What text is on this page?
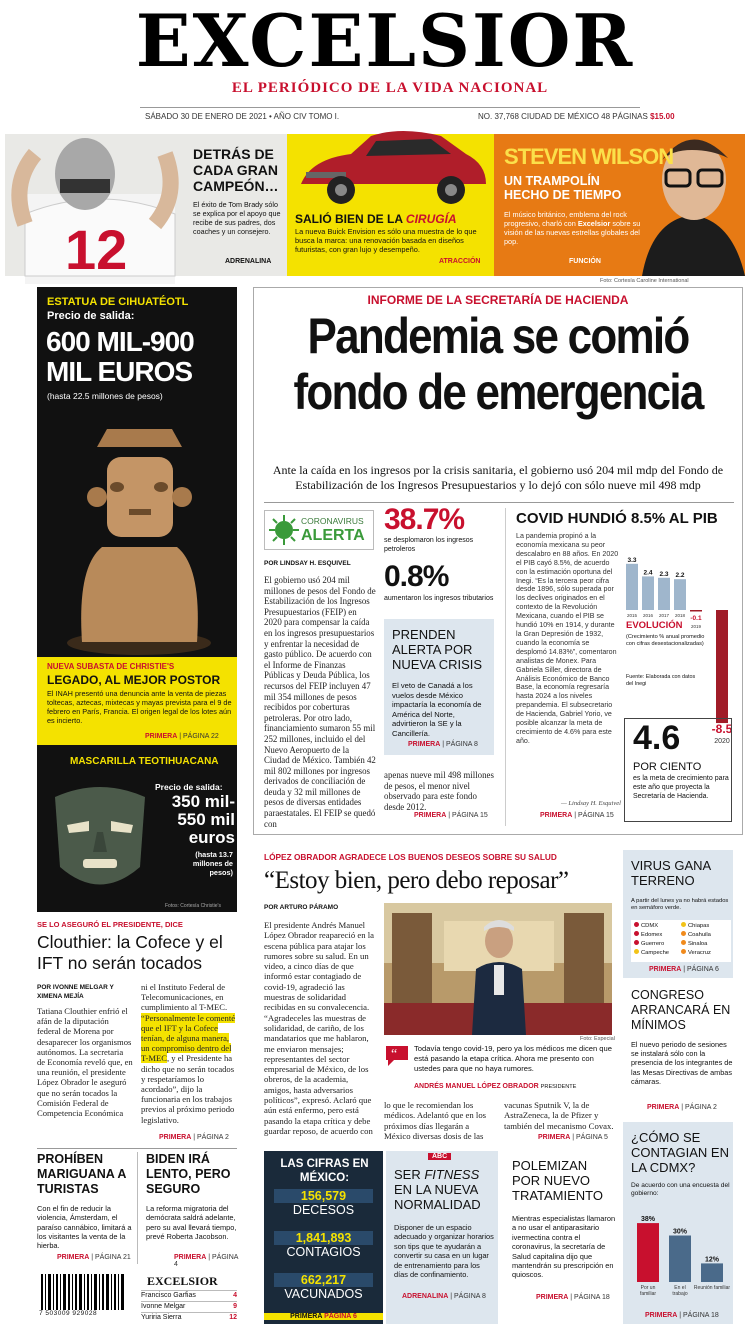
EXCELSIOR
EL PERIÓDICO DE LA VIDA NACIONAL
SÁBADO 30 DE ENERO DE 2021 • AÑO CIV TOMO I.	NO. 37,768 CIUDAD DE MÉXICO 48 PÁGINAS $15.00
12
DETRÁS DE CADA GRAN CAMPEÓN…
El éxito de Tom Brady sólo se explica por el apoyo que recibe de sus padres, dos coaches y un consejero.
ADRENALINA
SALIÓ BIEN DE LA CIRUGÍA
La nueva Buick Envision es sólo una muestra de lo que busca la marca: una renovación basada en diseños futuristas, con gran lujo y desempeño.
ATRACCIÓN
STEVEN WILSON
UN TRAMPOLÍN HECHO DE TIEMPO
El músico británico, emblema del rock progresivo, charló con Excelsior sobre su visión de las nuevas estrellas globales del pop.
FUNCIÓN
Foto: Cortesía Caroline International
ESTATUA DE CIHUATÉOTL
Precio de salida:
600 MIL-900 MIL EUROS
(hasta 22.5 millones de pesos)
NUEVA SUBASTA DE CHRISTIE'S
LEGADO, AL MEJOR POSTOR
El INAH presentó una denuncia ante la venta de piezas toltecas, aztecas, mixtecas y mayas prevista para el 9 de febrero en París, Francia. El origen legal de los lotes aún es incierto.
PRIMERA | PÁGINA 22
MASCARILLA TEOTIHUACANA
Precio de salida:
350 mil-550 mil euros
(hasta 13.7 millones de pesos)
Fotos: Cortesía Christie's
SE LO ASEGURÓ EL PRESIDENTE, DICE
Clouthier: la Cofece y el IFT no serán tocados
POR IVONNE MELGAR Y XIMENA MEJÍA
Tatiana Clouthier enfrió el afán de la diputación federal de Morena por desaparecer los organismos autónomos. La secretaria de Economía reveló que, en una reunión, el presidente López Obrador le aseguró que no serán tocados la Comisión Federal de Competencia Económica
ni el Instituto Federal de Telecomunicaciones, en cumplimiento al T-MEC. “Personalmente le comenté que el IFT y la Cofece tenían, de alguna manera, un compromiso dentro del T-MEC, y el Presidente ha dicho que no serán tocados y respetaríamos lo acordado”, dijo la funcionaria en los trabajos previos al próximo periodo legislativo.
PRIMERA | PÁGINA 2
PROHÍBEN MARIGUANA A TURISTAS
Con el fin de reducir la violencia, Ámsterdam, el paraíso cannábico, limitará a los visitantes la venta de la hierba.
PRIMERA | PÁGINA 21
BIDEN IRÁ LENTO, PERO SEGURO
La reforma migratoria del demócrata saldrá adelante, pero su aval llevará tiempo, prevé Roberta Jacobson.
PRIMERA | PÁGINA 4
7 503009 929028
EXCELSIOR
Francisco Garfias	4
Ivonne Melgar	9
Yuriria Sierra	12
INFORME DE LA SECRETARÍA DE HACIENDA
Pandemia se comió
fondo de emergencia
Ante la caída en los ingresos por la crisis sanitaria, el gobierno usó 204 mil mdp del Fondo de Estabilización de los Ingresos Presupuestarios y lo dejó con sólo nueve mil 498 mdp
CORONAVIRUS
ALERTA
POR LINDSAY H. ESQUIVEL
El gobierno usó 204 mil millones de pesos del Fondo de Estabilización de los Ingresos Presupuestarios (FEIP) en 2020 para compensar la caída en los ingresos presupuestarios y enfrentar la necesidad de gasto público. De acuerdo con el Informe de Finanzas Públicas y Deuda Pública, los recursos del FEIP incluyen 47 mil 354 millones de pesos recibidos por coberturas petroleras. Por otro lado, financiamiento sumaron 55 mil 252 millones, incluido el del Nuevo Aeropuerto de la Ciudad de México. También 42 mil 802 millones por ingresos derivados de conciliación de deuda y 32 mil millones de pesos de diversas entidades paraestatales. El FEIP se quedó con
38.7%
se desplomaron los ingresos petroleros
0.8%
aumentaron los ingresos tributarios
PRENDEN ALERTA POR NUEVA CRISIS
El veto de Canadá a los vuelos desde México impactaría la economía de América del Norte, advirtieron la SE y la Cancillería.
PRIMERA | PÁGINA 8
apenas nueve mil 498 millones de pesos, el menor nivel observado para este fondo desde 2012.
PRIMERA | PÁGINA 15
COVID HUNDIÓ 8.5% AL PIB
La pandemia propinó a la economía mexicana su peor descalabro en 88 años. En 2020 el PIB cayó 8.5%, de acuerdo con la estimación oportuna del Inegi. “Es la tercera peor cifra desde 1896, sólo superada por los declives originados en el contexto de la Revolución Mexicana, cuando el PIB se hundió 10% en 1914, y durante la Gran Depresión de 1932, cuando la economía se desplomó 14.83%”, comentaron analistas de Monex. Para Gabriela Siller, directora de Análisis Económico de Banco Base, la economía regresaría hasta 2024 a los niveles prepandemia. El subsecretario de Hacienda, Gabriel Yorio, ve posible alcanzar la meta de crecimiento de 4.6% para este año.
— Lindsay H. Esquivel
PRIMERA | PÁGINA 15
3.3
2015
2.4
2016
2.3
2017
2.2
2018 -0.1
2019
-8.5
2020
EVOLUCIÓN
(Crecimiento % anual promedio con cifras desestacionalizadas)
Fuente: Elaborada con datos del Inegi
4.6
POR CIENTO
es la meta de crecimiento para este año que proyecta la Secretaría de Hacienda.
LÓPEZ OBRADOR AGRADECE LOS BUENOS DESEOS SOBRE SU SALUD
“Estoy bien, pero debo reposar”
POR ARTURO PÁRAMO
El presidente Andrés Manuel López Obrador reapareció en la escena pública para atajar los rumores sobre su salud. En un video, a cinco días de que informó estar contagiado de covid-19, agradeció las muestras de solidaridad recibidas en su convalecencia. “Agradeceles las muestras de solidaridad, de cariño, de los mandatarios que me hablaron, me enviaron mensajes; representantes del sector empresarial de México, de los obreros, de la academia, amigos, hasta adversarios políticos”, expresó. Aclaró que aún está enfermo, pero está pasando la etapa crítica y debe guardar reposo, de acuerdo con
Foto: Especial
“ Todavía tengo covid-19, pero ya los médicos me dicen que está pasando la etapa crítica. Ahora me presento con ustedes para que no haya rumores.
ANDRÉS MANUEL LÓPEZ OBRADOR PRESIDENTE
lo que le recomiendan los médicos. Adelantó que en los próximos días llegarán a México diversas dosis de las
vacunas Sputnik V, la de AstraZeneca, la de Pfizer y también del mecanismo Covax.
PRIMERA | PÁGINA 5
VIRUS GANA TERRENO
A partir del lunes ya no habrá estados en semáforo verde.
CDMX	Chiapas
Edomex	Coahuila
Guerrero	Sinaloa
Campeche	Veracruz
PRIMERA | PÁGINA 6
CONGRESO ARRANCARÁ EN MÍNIMOS
El nuevo periodo de sesiones se instalará sólo con la presencia de los integrantes de las Mesas Directivas de ambas cámaras.
PRIMERA | PÁGINA 2
¿CÓMO SE CONTAGIAN EN LA CDMX?
De acuerdo con una encuesta del gobierno:
38%
Por un familiar
30%
En el trabajo
12%
Reunión familiar
PRIMERA | PÁGINA 18
LAS CIFRAS EN MÉXICO:
156,579
DECESOS
1,841,893
CONTAGIOS
662,217
VACUNADOS
PRIMERA PÁGINA 6
ABC
SER FITNESS EN LA NUEVA NORMALIDAD
Disponer de un espacio adecuado y organizar horarios son tips que te ayudarán a convertir su casa en un lugar de entrenamiento para los días de confinamiento.
ADRENALINA | PÁGINA 8
POLEMIZAN POR NUEVO TRATAMIENTO
Mientras especialistas llamaron a no usar el antiparasitario ivermectina contra el coronavirus, la secretaría de Salud capitalina dijo que mantendrán su prescripción en quioscos.
PRIMERA | PÁGINA 18
